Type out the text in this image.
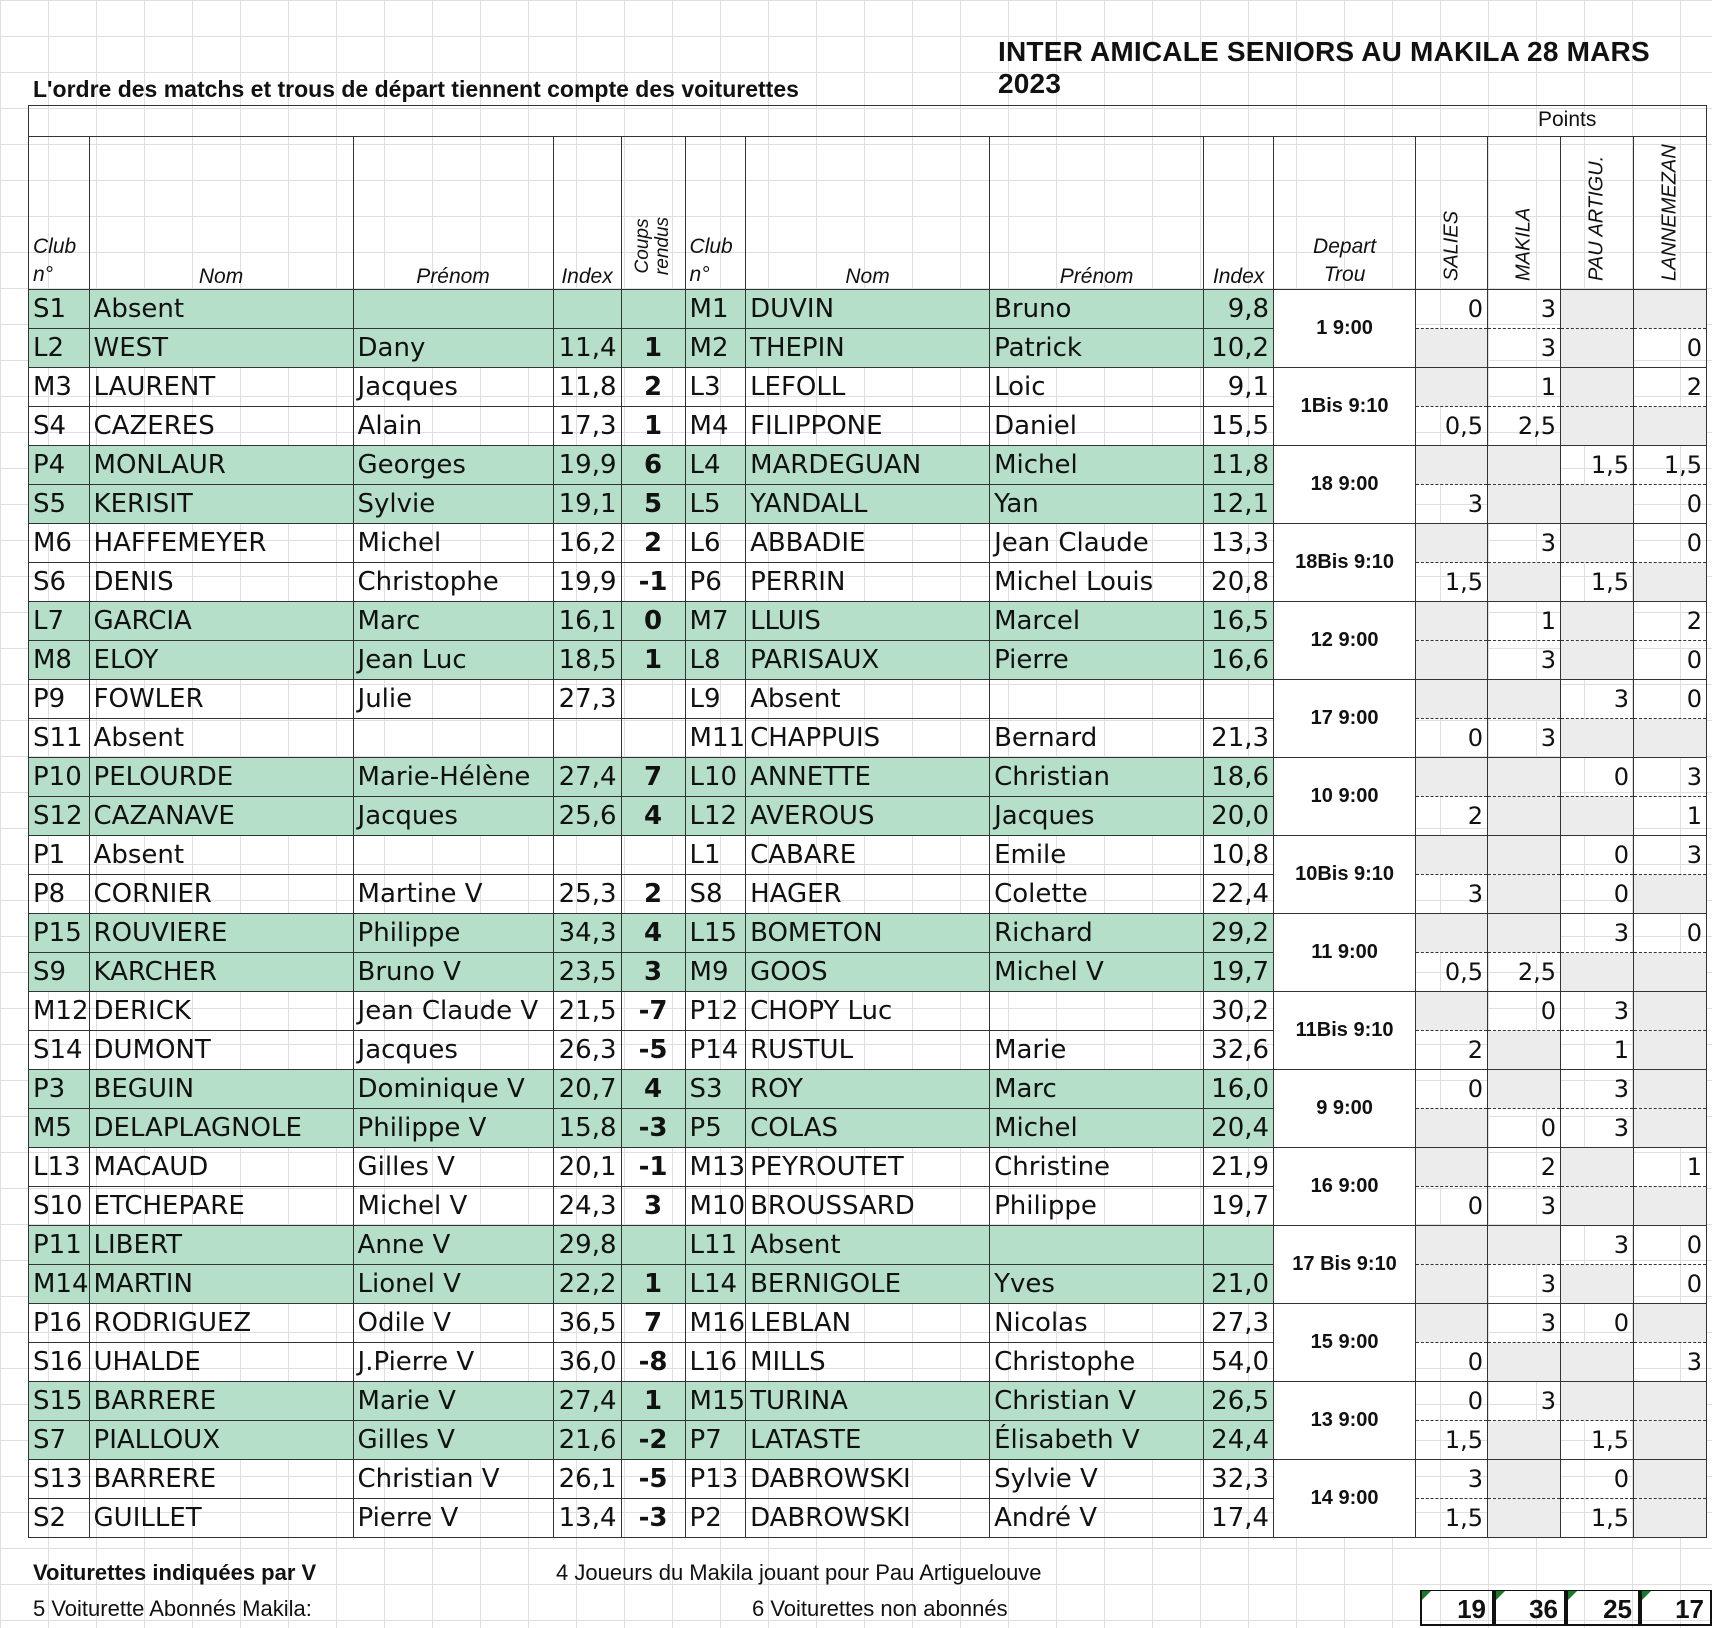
INTER AMICALE SENIORS AU MAKILA 28 MARS 2023
L'ordre des matchs et trous de départ tiennent compte des voiturettes
Points

Club n°	Nom	Prénom	Index	Coups rendus	Club n°	Nom	Prénom	Index	Depart Trou	SALIES	MAKILA	PAU ARTIGU.	LANNEMEZAN

S1	Absent				M1	DUVIN	Bruno	9,8	1 9:00	0	3		
L2	WEST	Dany	11,4	1	M2	THEPIN	Patrick	10,2			3		0
M3	LAURENT	Jacques	11,8	2	L3	LEFOLL	Loic	9,1	1Bis 9:10		1		2
S4	CAZERES	Alain	17,3	1	M4	FILIPPONE	Daniel	15,5		0,5	2,5		
P4	MONLAUR	Georges	19,9	6	L4	MARDEGUAN	Michel	11,8	18 9:00			1,5	1,5
S5	KERISIT	Sylvie	19,1	5	L5	YANDALL	Yan	12,1		3			0
M6	HAFFEMEYER	Michel	16,2	2	L6	ABBADIE	Jean Claude	13,3	18Bis 9:10		3		0
S6	DENIS	Christophe	19,9	-1	P6	PERRIN	Michel Louis	20,8		1,5		1,5	
L7	GARCIA	Marc	16,1	0	M7	LLUIS	Marcel	16,5	12 9:00		1		2
M8	ELOY	Jean Luc	18,5	1	L8	PARISAUX	Pierre	16,6			3		0
P9	FOWLER	Julie	27,3		L9	Absent			17 9:00			3	0
S11	Absent				M11	CHAPPUIS	Bernard	21,3		0	3		
P10	PELOURDE	Marie-Hélène	27,4	7	L10	ANNETTE	Christian	18,6	10 9:00			0	3
S12	CAZANAVE	Jacques	25,6	4	L12	AVEROUS	Jacques	20,0		2			1
P1	Absent				L1	CABARE	Emile	10,8	10Bis 9:10			0	3
P8	CORNIER	Martine V	25,3	2	S8	HAGER	Colette	22,4		3		0	
P15	ROUVIERE	Philippe	34,3	4	L15	BOMETON	Richard	29,2	11 9:00			3	0
S9	KARCHER	Bruno V	23,5	3	M9	GOOS	Michel V	19,7		0,5	2,5		
M12	DERICK	Jean Claude V	21,5	-7	P12	CHOPY Luc		30,2	11Bis 9:10		0	3	
S14	DUMONT	Jacques	26,3	-5	P14	RUSTUL	Marie	32,6		2		1	
P3	BEGUIN	Dominique V	20,7	4	S3	ROY	Marc	16,0	9 9:00	0		3	
M5	DELAPLAGNOLE	Philippe V	15,8	-3	P5	COLAS	Michel	20,4			0	3	
L13	MACAUD	Gilles V	20,1	-1	M13	PEYROUTET	Christine	21,9	16 9:00		2		1
S10	ETCHEPARE	Michel V	24,3	3	M10	BROUSSARD	Philippe	19,7		0	3		
P11	LIBERT	Anne V	29,8		L11	Absent			17 Bis 9:10			3	0
M14	MARTIN	Lionel V	22,2	1	L14	BERNIGOLE	Yves	21,0			3		0
P16	RODRIGUEZ	Odile V	36,5	7	M16	LEBLAN	Nicolas	27,3	15 9:00		3	0	
S16	UHALDE	J.Pierre V	36,0	-8	L16	MILLS	Christophe	54,0		0			3
S15	BARRERE	Marie V	27,4	1	M15	TURINA	Christian V	26,5	13 9:00	0	3		
S7	PIALLOUX	Gilles V	21,6	-2	P7	LATASTE	Élisabeth V	24,4		1,5		1,5	
S13	BARRERE	Christian V	26,1	-5	P13	DABROWSKI	Sylvie V	32,3	14 9:00	3		0	
S2	GUILLET	Pierre V	13,4	-3	P2	DABROWSKI	André V	17,4		1,5		1,5	
Voiturettes indiquées par V	4 Joueurs du Makila jouant pour Pau Artiguelouve
5 Voiturette Abonnés Makila:	6 Voiturettes non abonnés	19	36	25	17
